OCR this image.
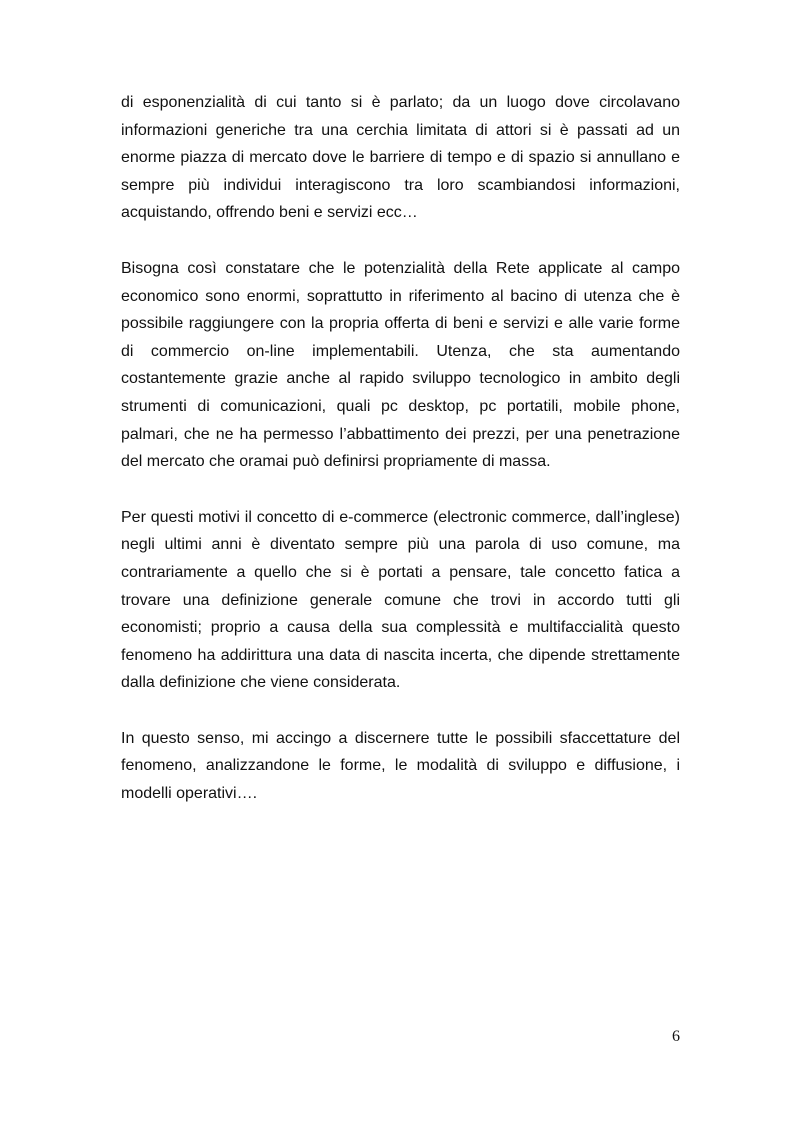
di esponenzialità di cui tanto si è parlato; da un luogo dove circolavano informazioni generiche tra una cerchia limitata di attori si è passati ad un enorme piazza di mercato dove le barriere di tempo e di spazio si annullano e sempre più individui interagiscono tra loro scambiandosi informazioni, acquistando, offrendo beni e servizi ecc…

Bisogna così constatare che le potenzialità della Rete applicate al campo economico sono enormi, soprattutto in riferimento al bacino di utenza che è possibile raggiungere con la propria offerta di beni e servizi e alle varie forme di commercio on-line implementabili. Utenza, che sta aumentando costantemente grazie anche al rapido sviluppo tecnologico in ambito degli strumenti di comunicazioni, quali pc desktop, pc portatili, mobile phone, palmari, che ne ha permesso l’abbattimento dei prezzi, per una penetrazione del mercato che oramai può definirsi propriamente di massa.

Per questi motivi il concetto di e-commerce (electronic commerce, dall’inglese) negli ultimi anni è diventato sempre più una parola di uso comune, ma contrariamente a quello che si è portati a pensare, tale concetto fatica a trovare una definizione generale comune che trovi in accordo tutti gli economisti; proprio a causa della sua complessità e multifaccialità questo fenomeno ha addirittura una data di nascita incerta, che dipende strettamente dalla definizione che viene considerata.

In questo senso, mi accingo a discernere tutte le possibili sfaccettature del fenomeno, analizzandone le forme, le modalità di sviluppo e diffusione, i modelli operativi….

6
